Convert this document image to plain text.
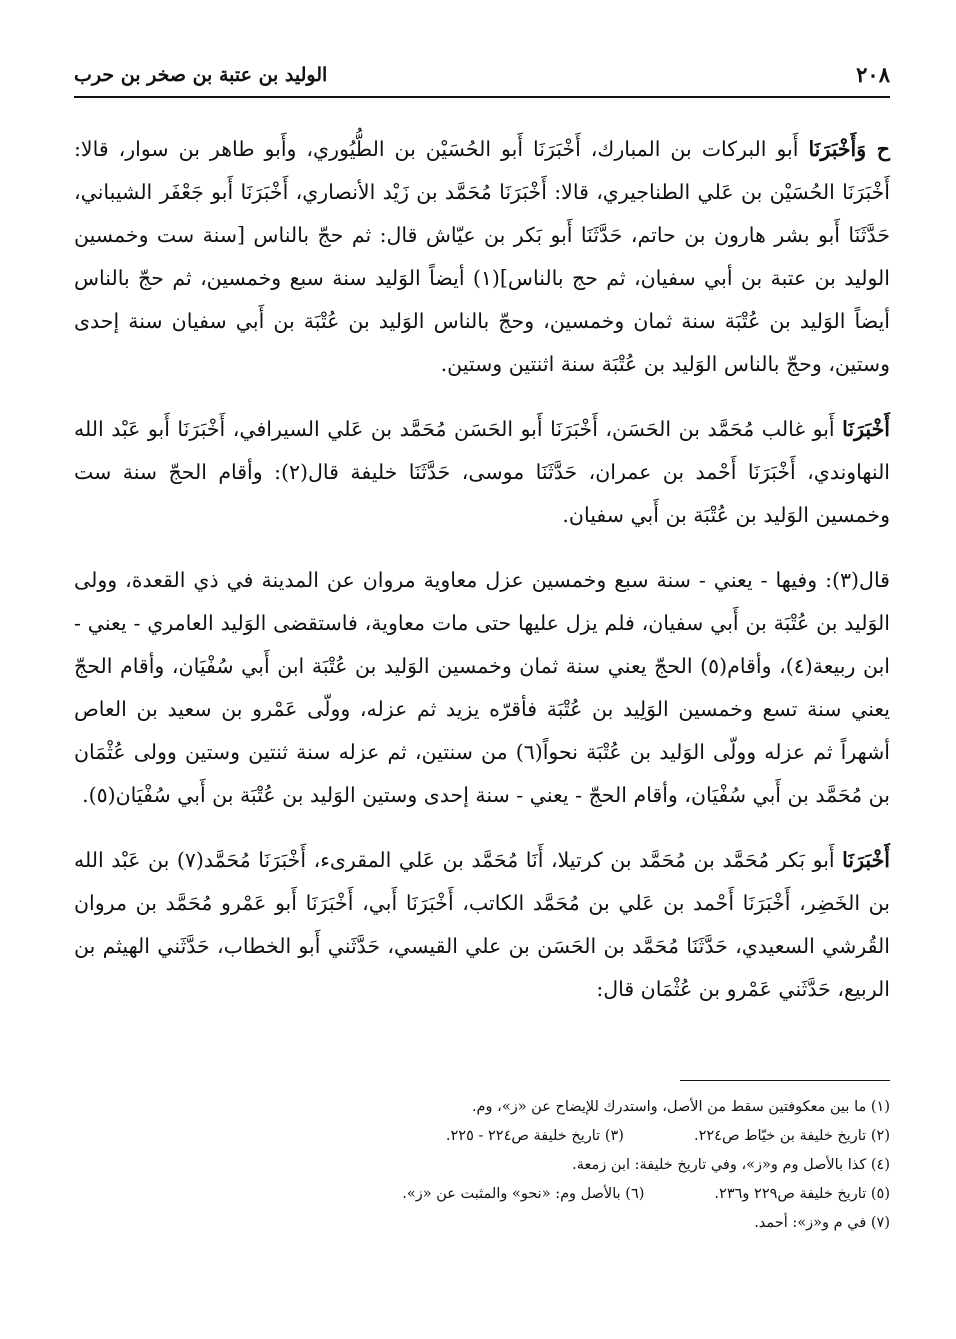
٢٠٨
الوليد بن عتبة بن صخر بن حرب

ح وَأَخْبَرَنَا أَبو البركات بن المبارك، أَخْبَرَنَا أَبو الحُسَيْن بن الطُّيُوري، وأَبو طاهر بن سوار، قالا: أَخْبَرَنَا الحُسَيْن بن عَلي الطناجيري، قالا: أَخْبَرَنَا مُحَمَّد بن زَيْد الأنصاري، أَخْبَرَنَا أَبو جَعْفَر الشيباني، حَدَّثَنَا أَبو بشر هارون بن حاتم، حَدَّثَنَا أَبو بَكر بن عيّاش قال: ثم حجّ بالناس [سنة ست وخمسين الوليد بن عتبة بن أبي سفيان، ثم حج بالناس](١) أيضاً الوَليد سنة سبع وخمسين، ثم حجّ بالناس أيضاً الوَليد بن عُتْبَة سنة ثمان وخمسين، وحجّ بالناس الوَليد بن عُتْبَة بن أَبي سفيان سنة إحدى وستين، وحجّ بالناس الوَليد بن عُتْبَة سنة اثنتين وستين.

أَخْبَرَنَا أَبو غالب مُحَمَّد بن الحَسَن، أَخْبَرَنَا أَبو الحَسَن مُحَمَّد بن عَلي السيرافي، أَخْبَرَنَا أَبو عَبْد الله النهاوندي، أَخْبَرَنَا أَحْمد بن عمران، حَدَّثَنَا موسى، حَدَّثَنَا خليفة قال(٢): وأقام الحجّ سنة ست وخمسين الوَليد بن عُتْبَة بن أَبي سفيان.

قال(٣): وفيها - يعني - سنة سبع وخمسين عزل معاوية مروان عن المدينة في ذي القعدة، وولى الوَليد بن عُتْبَة بن أَبي سفيان، فلم يزل عليها حتى مات معاوية، فاستقضى الوَليد العامري - يعني - ابن ربيعة(٤)، وأقام(٥) الحجّ يعني سنة ثمان وخمسين الوَليد بن عُتْبَة ابن أَبي سُفْيَان، وأقام الحجّ يعني سنة تسع وخمسين الوَلِيد بن عُتْبَة فأقرّه يزيد ثم عزله، وولّى عَمْرو بن سعيد بن العاص أشهراً ثم عزله وولّى الوَليد بن عُتْبَة نحواً(٦) من سنتين، ثم عزله سنة ثنتين وستين وولى عُثْمَان بن مُحَمَّد بن أَبي سُفْيَان، وأقام الحجّ - يعني - سنة إحدى وستين الوَليد بن عُتْبَة بن أَبي سُفْيَان(٥).

أَخْبَرَنَا أَبو بَكر مُحَمَّد بن مُحَمَّد بن كرتيلا، أَنَا مُحَمَّد بن عَلي المقرىء، أَخْبَرَنَا مُحَمَّد(٧) بن عَبْد الله بن الخَضِر، أَخْبَرَنَا أَحْمد بن عَلي بن مُحَمَّد الكاتب، أَخْبَرَنَا أَبي، أَخْبَرَنَا أَبو عَمْرو مُحَمَّد بن مروان القُرشي السعيدي، حَدَّثَنَا مُحَمَّد بن الحَسَن بن علي القيسي، حَدَّثَني أَبو الخطاب، حَدَّثَني الهيثم بن الربيع، حَدَّثَني عَمْرو بن عُثْمَان قال:

(١) ما بين معكوفتين سقط من الأصل، واستدرك للإيضاح عن «ز»، وم.
(٢) تاريخ خليفة بن خيّاط ص٢٢٤.
(٣) تاريخ خليفة ص٢٢٤ - ٢٢٥.
(٤) كذا بالأصل وم و«ز»، وفي تاريخ خليفة: ابن زمعة.
(٥) تاريخ خليفة ص٢٢٩ و٢٣٦.
(٦) بالأصل وم: «نحو» والمثبت عن «ز».
(٧) في م و«ز»: أحمد.
